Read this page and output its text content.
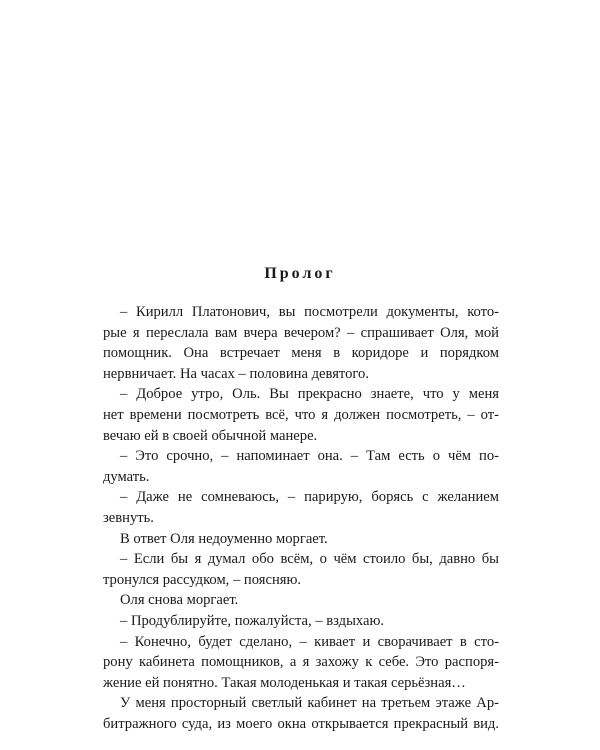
Пролог
– Кирилл Платонович, вы посмотрели документы, кото-
рые я переслала вам вчера вечером? – спрашивает Оля, мой
помощник. Она встречает меня в коридоре и порядком
нервничает. На часах – половина девятого.
– Доброе утро, Оль. Вы прекрасно знаете, что у меня
нет времени посмотреть всё, что я должен посмотреть, – от-
вечаю ей в своей обычной манере.
– Это срочно, – напоминает она. – Там есть о чём по-
думать.
– Даже не сомневаюсь, – парирую, борясь с желанием
зевнуть.
В ответ Оля недоуменно моргает.
– Если бы я думал обо всём, о чём стоило бы, давно бы
тронулся рассудком, – поясняю.
Оля снова моргает.
– Продублируйте, пожалуйста, – вздыхаю.
– Конечно, будет сделано, – кивает и сворачивает в сто-
рону кабинета помощников, а я захожу к себе. Это распоря-
жение ей понятно. Такая молоденькая и такая серьёзная…
У меня просторный светлый кабинет на третьем этаже Ар-
битражного суда, из моего окна открывается прекрасный вид.
